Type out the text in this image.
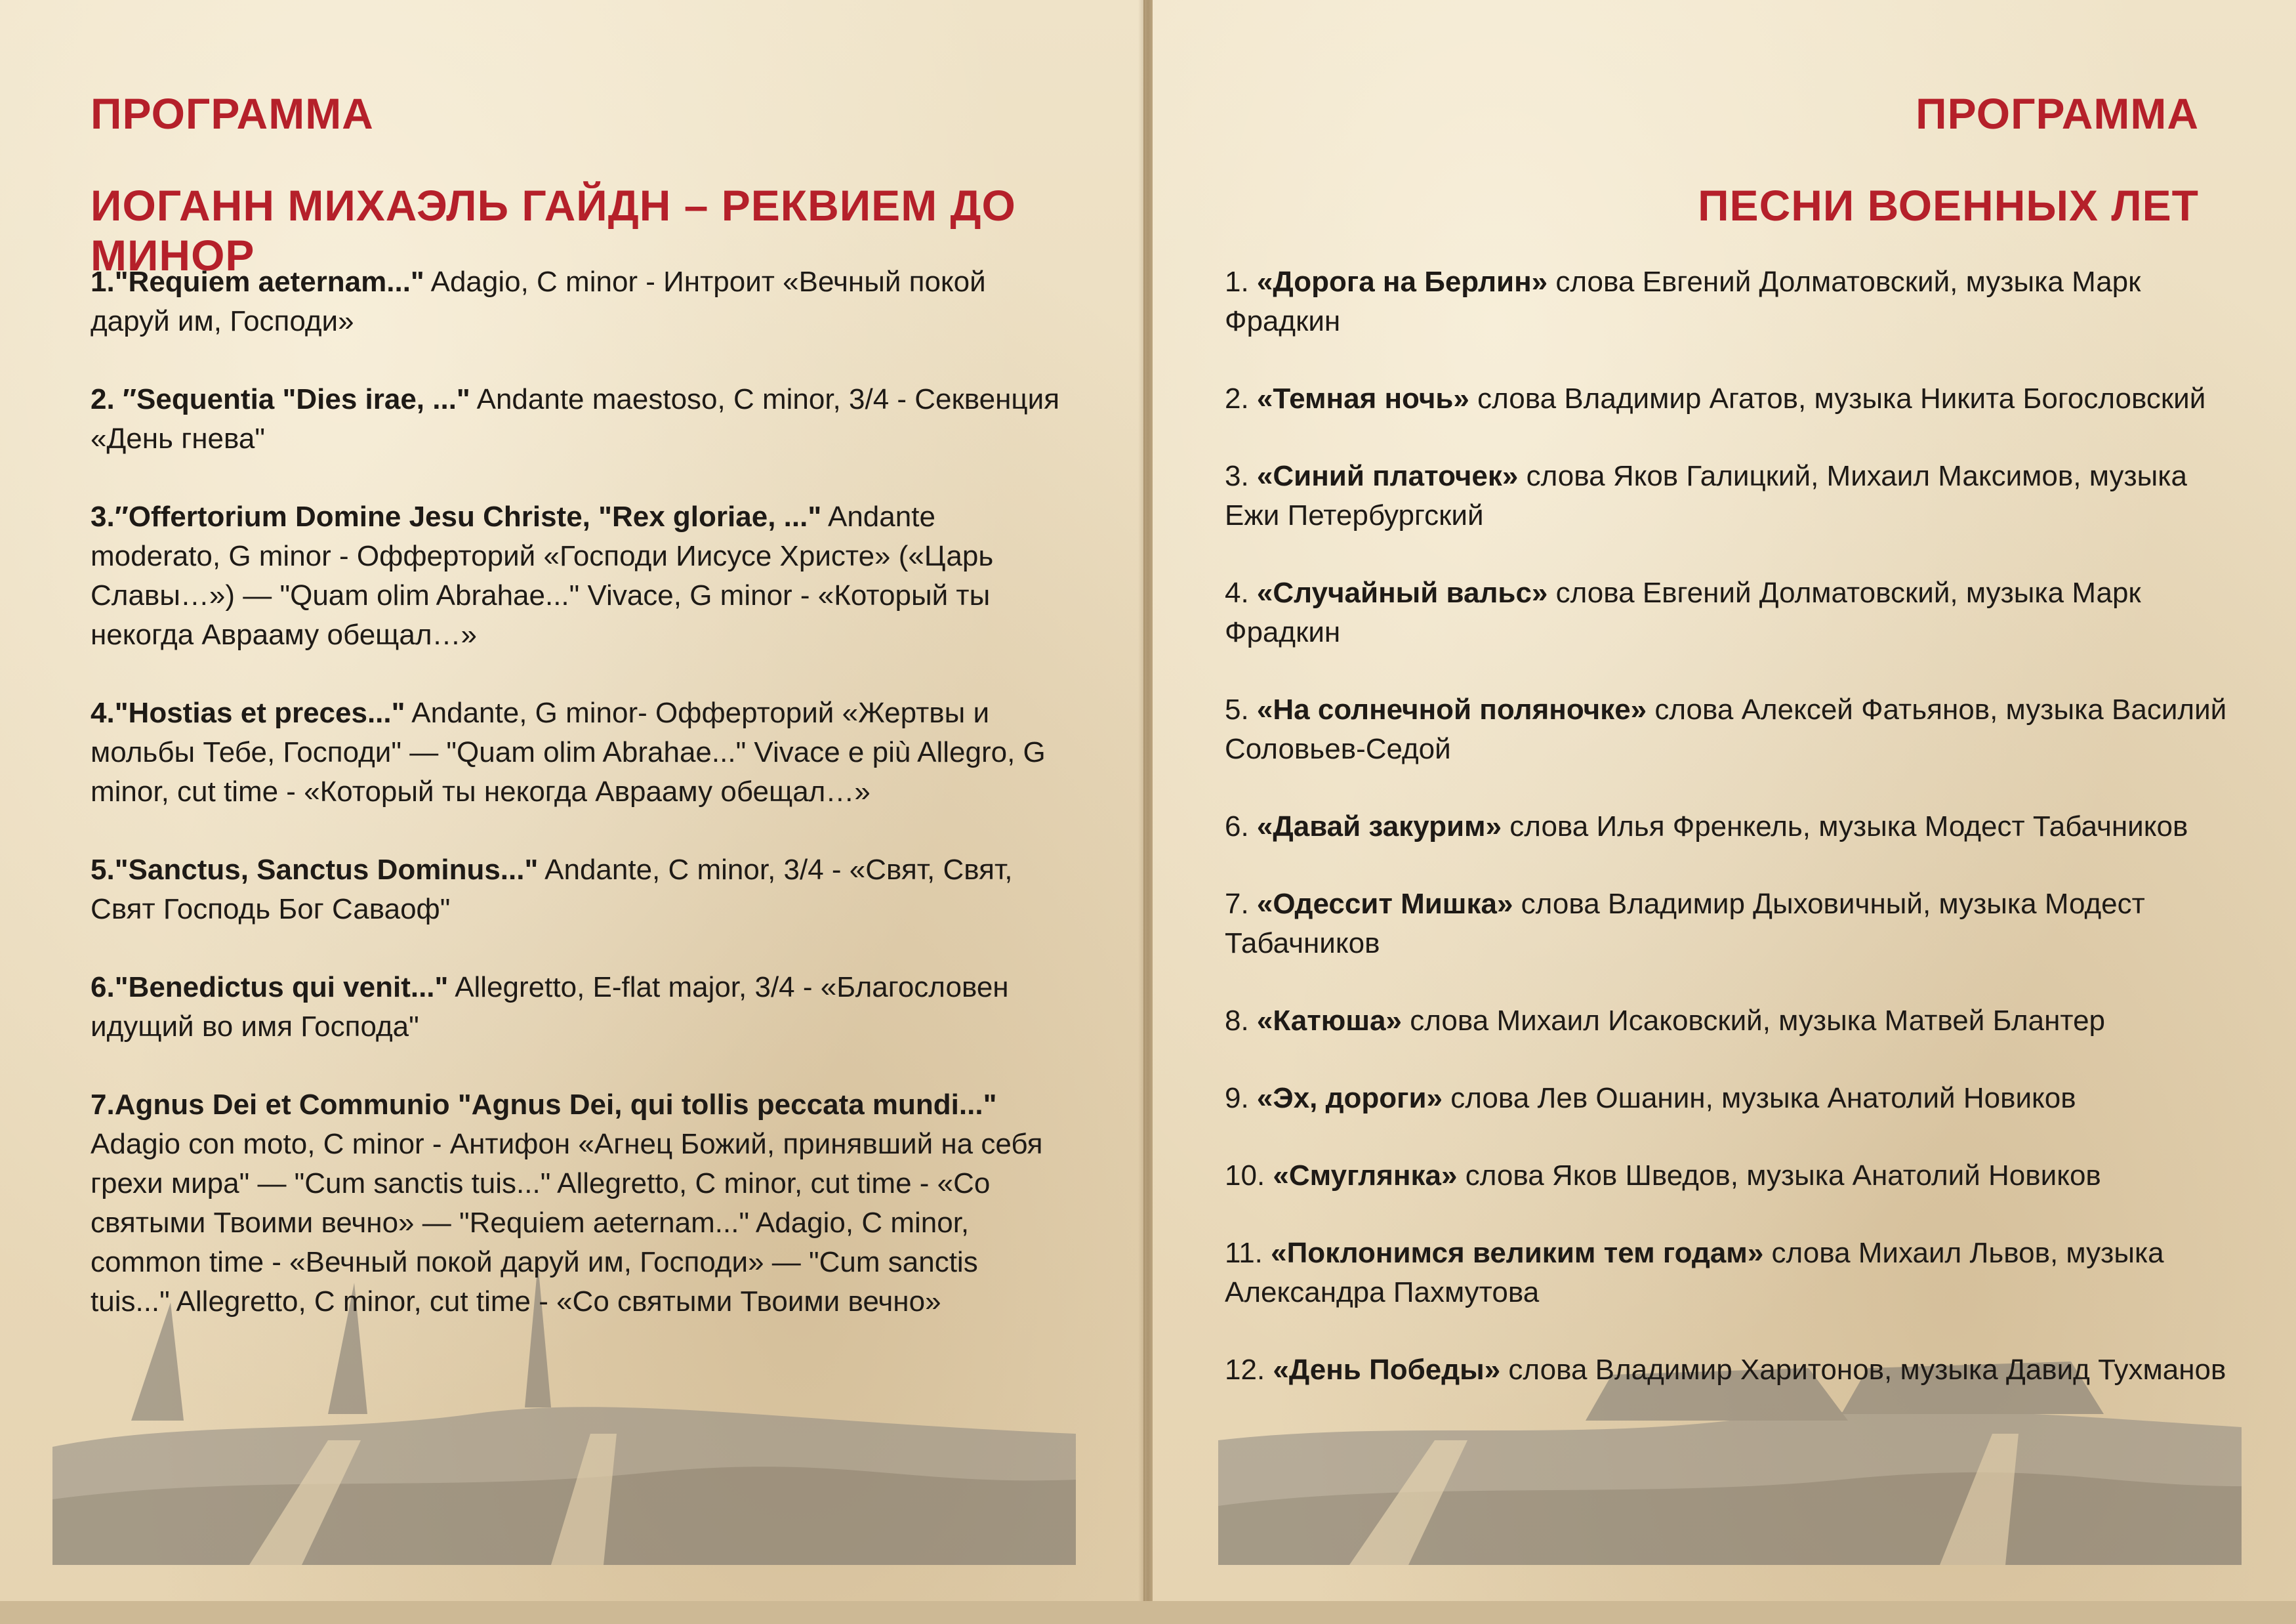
ПРОГРАММА
ИОГАНН МИХАЭЛЬ ГАЙДН – РЕКВИЕМ ДО МИНОР
1."Requiem aeternam..." Adagio, C minor - Интроит «Вечный покой даруй им, Господи»
2. ″Sequentia "Dies irae, ..." Andante maestoso, C minor, 3/4 - Секвенция «День гнева"
3.″Offertorium Domine Jesu Christe, "Rex gloriae, ..." Andante moderato, G minor - Офферторий «Господи Иисусе Христе» («Царь Славы…») — "Quam olim Abrahae..." Vivace, G minor - «Который ты некогда Аврааму обещал…»
4."Hostias et preces..." Andante, G minor- Офферторий «Жертвы и мольбы Тебе, Господи" — "Quam olim Abrahae..." Vivace e più Allegro, G minor, cut time - «Который ты некогда Аврааму обещал…»
5."Sanctus, Sanctus Dominus..." Andante, C minor, 3/4 - «Свят, Свят, Свят Господь Бог Саваоф"
6."Benedictus qui venit..." Allegretto, E-flat major, 3/4 - «Благословен идущий во имя Господа"
7.Agnus Dei et Communio "Agnus Dei, qui tollis peccata mundi..." Adagio con moto, C minor - Антифон «Агнец Божий, принявший на себя грехи мира" — "Cum sanctis tuis..." Allegretto, C minor, cut time - «Со святыми Твоими вечно» — "Requiem aeternam..." Adagio, C minor, common time - «Вечный покой даруй им, Господи» — "Cum sanctis tuis..." Allegretto, C minor, cut time - «Со святыми Твоими вечно»
ПРОГРАММА
ПЕСНИ ВОЕННЫХ ЛЕТ
1. «Дорога на Берлин» слова Евгений Долматовский, музыка Марк Фрадкин
2. «Темная ночь» слова Владимир Агатов, музыка Никита Богословский
3. «Синий платочек» слова Яков Галицкий, Михаил Максимов, музыка Ежи Петербургский
4. «Случайный вальс» слова Евгений Долматовский, музыка Марк Фрадкин
5. «На солнечной поляночке» слова Алексей Фатьянов, музыка Василий Соловьев-Седой
6. «Давай закурим» слова Илья Френкель, музыка Модест Табачников
7. «Одессит Мишка» слова Владимир Дыховичный, музыка Модест Табачников
8. «Катюша» слова Михаил Исаковский, музыка Матвей Блантер
9. «Эх, дороги» слова Лев Ошанин, музыка Анатолий Новиков
10. «Смуглянка» слова Яков Шведов, музыка Анатолий Новиков
11. «Поклонимся великим тем годам» слова Михаил Львов, музыка Александра Пахмутова
12. «День Победы» слова Владимир Харитонов, музыка Давид Тухманов
